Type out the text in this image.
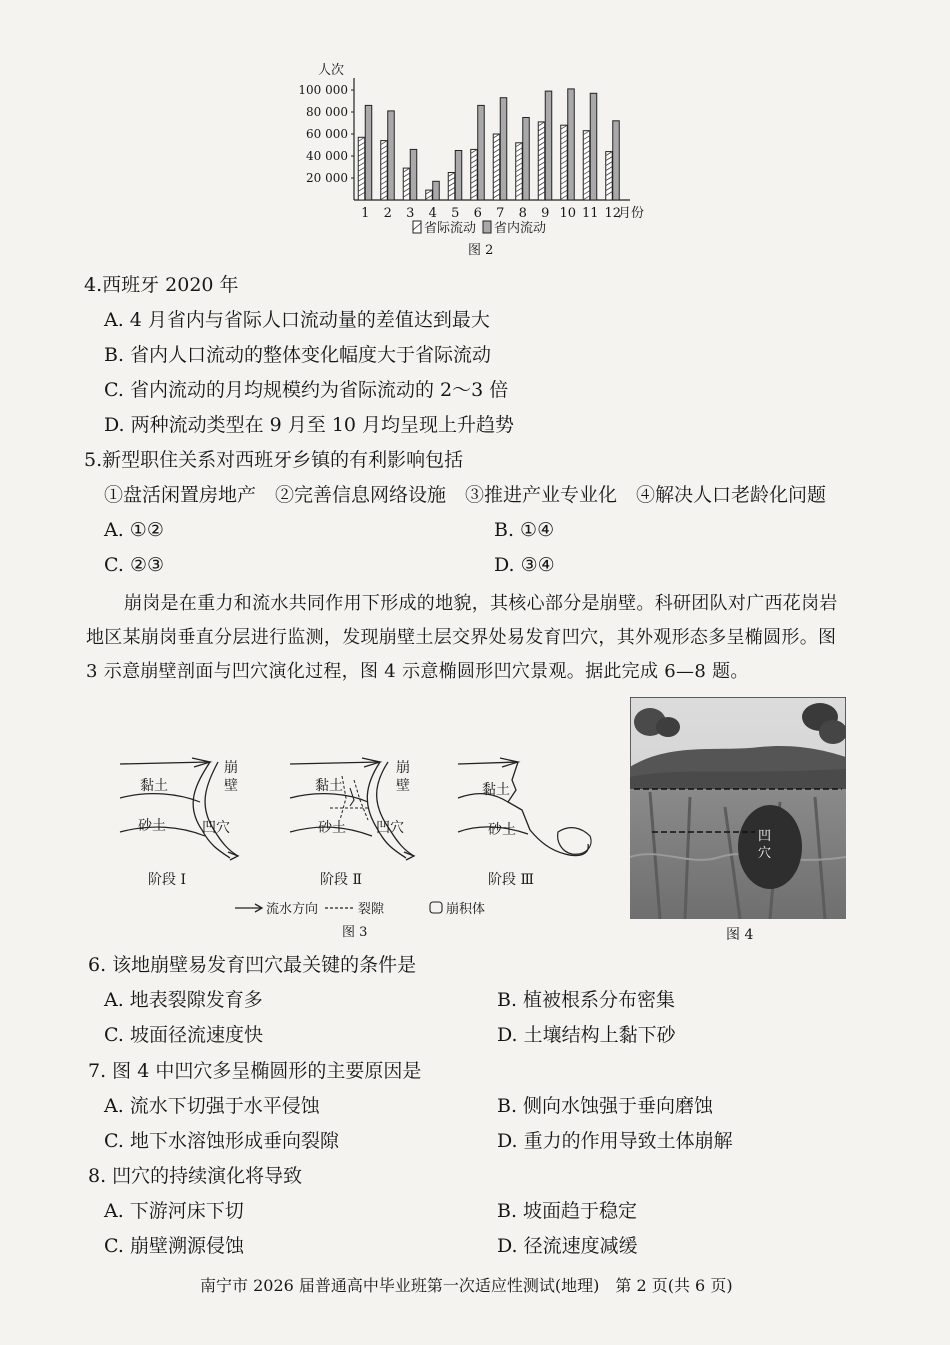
人次
20 000
40 000
60 000
80 000
100 000
1 2 3 4 5 6 7 8 9 10 11 12
月份
省际流动 省内流动
图 2
4.西班牙 2020 年
A. 4 月省内与省际人口流动量的差值达到最大
B. 省内人口流动的整体变化幅度大于省际流动
C. 省内流动的月均规模约为省际流动的 2～3 倍
D. 两种流动类型在 9 月至 10 月均呈现上升趋势
5.新型职住关系对西班牙乡镇的有利影响包括
①盘活闲置房地产　②完善信息网络设施　③推进产业专业化　④解决人口老龄化问题
A. ①②	B. ①④
C. ②③	D. ③④
崩岗是在重力和流水共同作用下形成的地貌，其核心部分是崩壁。科研团队对广西花岗岩
地区某崩岗垂直分层进行监测，发现崩壁土层交界处易发育凹穴，其外观形态多呈椭圆形。图
3 示意崩壁剖面与凹穴演化过程，图 4 示意椭圆形凹穴景观。据此完成 6—8 题。
黏土
砂土
崩
壁
凹穴
阶段 Ⅰ
黏土
砂土
崩
壁
凹穴
阶段 Ⅱ
黏土
砂土
阶段 Ⅲ
流水方向	裂隙	崩积体
图 3
凹
穴
图 4
6. 该地崩壁易发育凹穴最关键的条件是
A. 地表裂隙发育多	B. 植被根系分布密集
C. 坡面径流速度快	D. 土壤结构上黏下砂
7. 图 4 中凹穴多呈椭圆形的主要原因是
A. 流水下切强于水平侵蚀	B. 侧向水蚀强于垂向磨蚀
C. 地下水溶蚀形成垂向裂隙	D. 重力的作用导致土体崩解
8. 凹穴的持续演化将导致
A. 下游河床下切	B. 坡面趋于稳定
C. 崩壁溯源侵蚀	D. 径流速度减缓
南宁市 2026 届普通高中毕业班第一次适应性测试(地理)　第 2 页(共 6 页)
